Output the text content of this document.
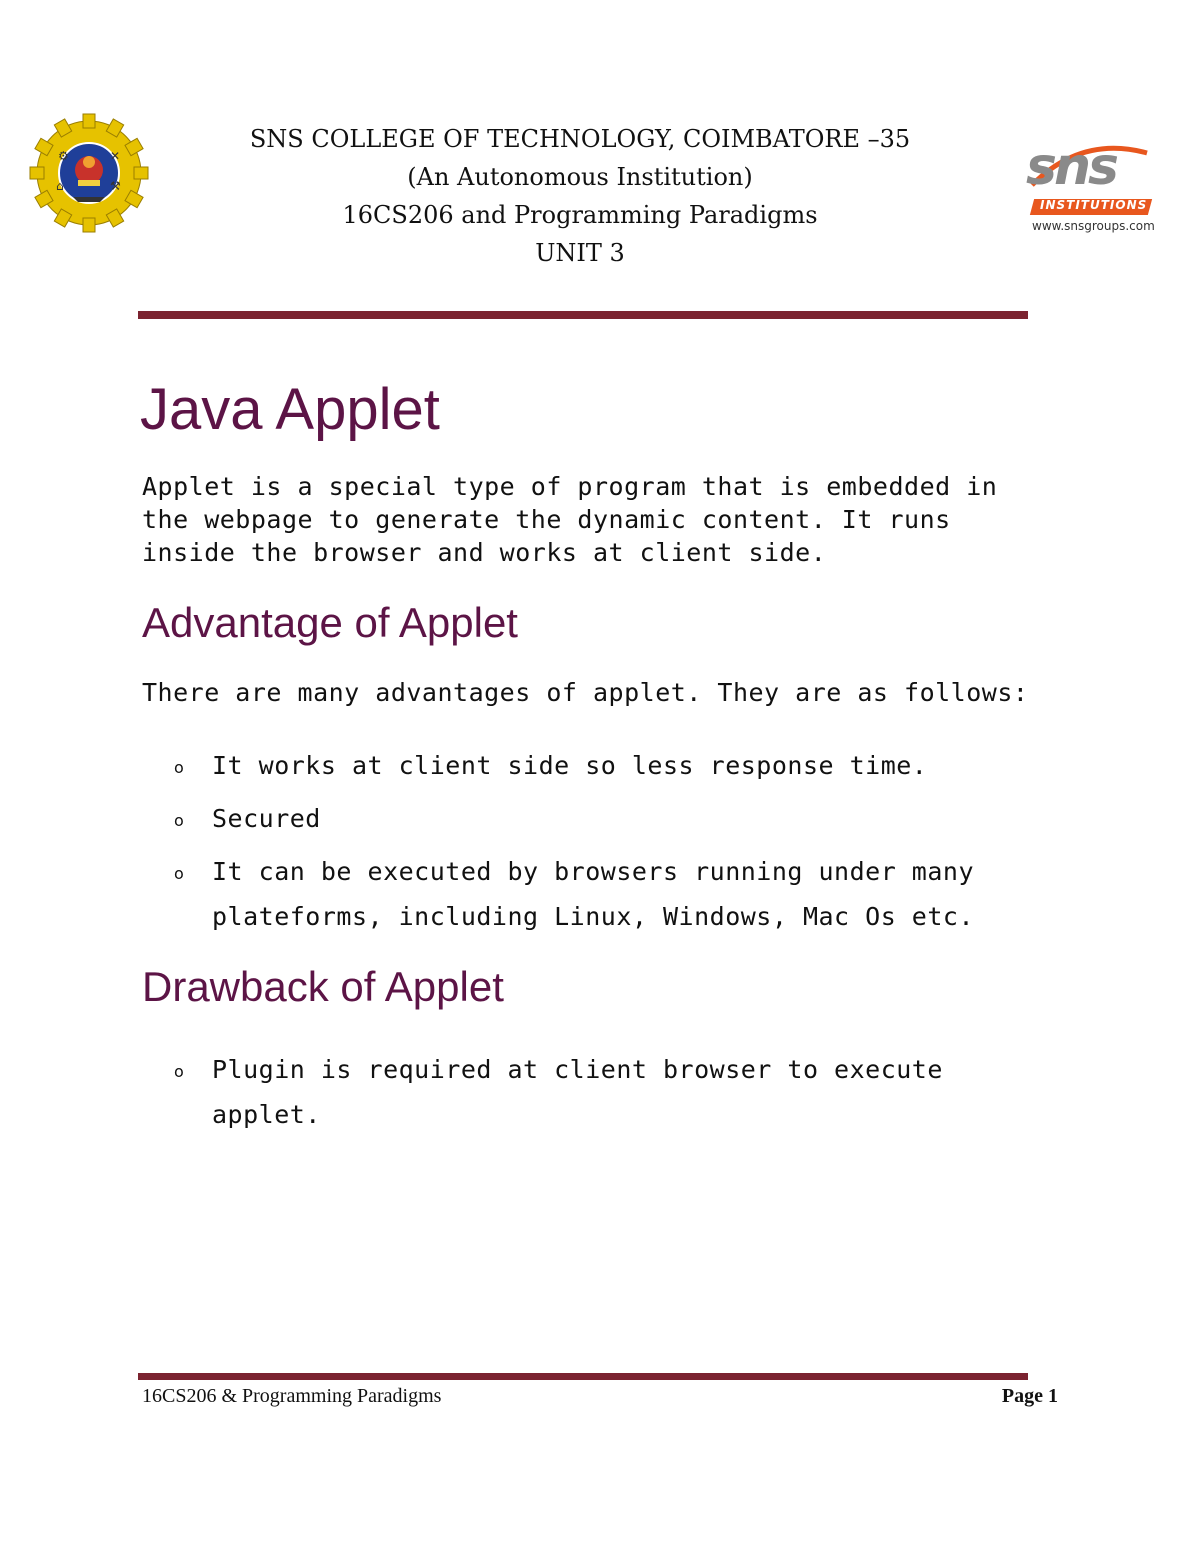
⚙	✕
⌂	⚒
SNS COLLEGE OF TECHNOLOGY, COIMBATORE –35
(An Autonomous Institution)
16CS206 and Programming Paradigms
UNIT 3
sns
INSTITUTIONS
www.snsgroups.com
Java Applet
Applet is a special type of program that is embedded in the webpage to generate the dynamic content. It runs inside the browser and works at client side.
Advantage of Applet
There are many advantages of applet. They are as follows:
o It works at client side so less response time.
o Secured
o It can be executed by browsers running under many plateforms, including Linux, Windows, Mac Os etc.
Drawback of Applet
o Plugin is required at client browser to execute applet.
16CS206 & Programming Paradigms	Page 1
